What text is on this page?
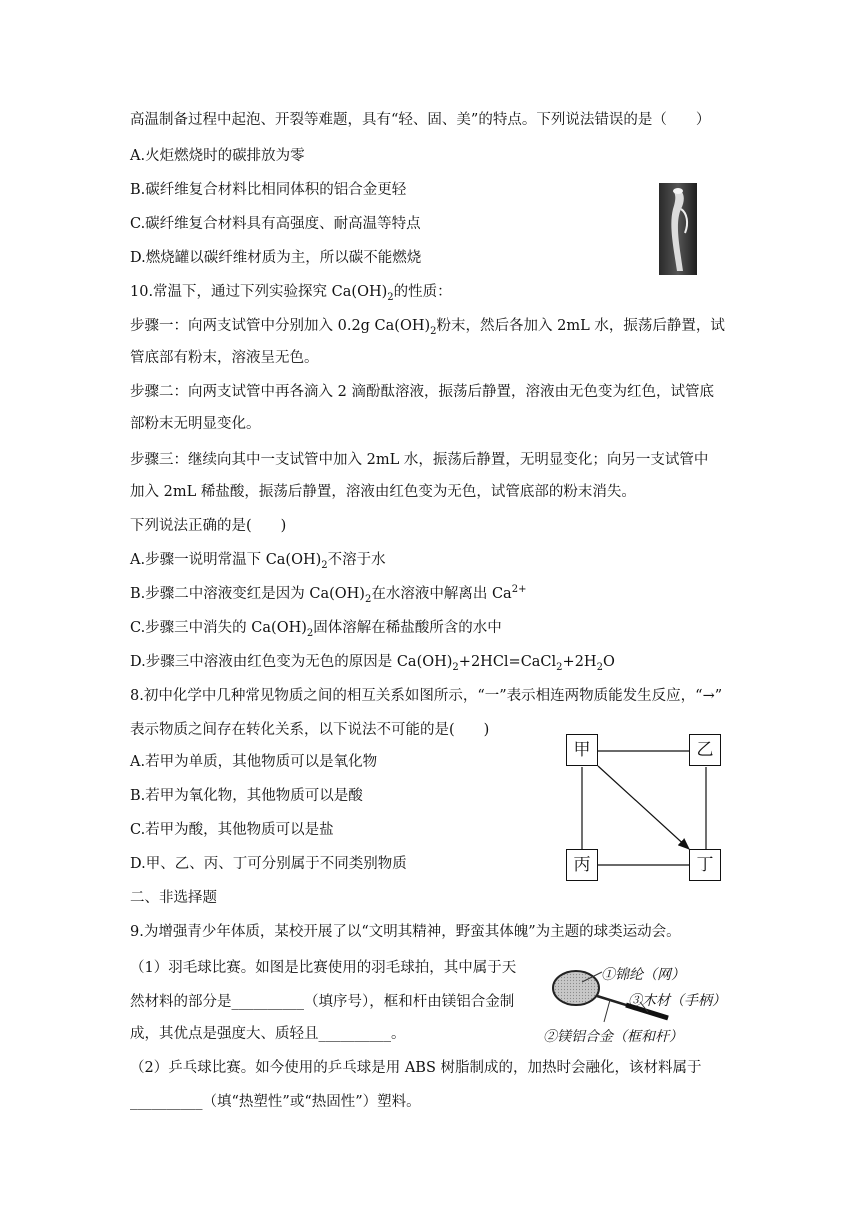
高温制备过程中起泡、开裂等难题，具有“轻、固、美”的特点。下列说法错误的是（　　）
A.火炬燃烧时的碳排放为零
B.碳纤维复合材料比相同体积的铝合金更轻
C.碳纤维复合材料具有高强度、耐高温等特点
D.燃烧罐以碳纤维材质为主，所以碳不能燃烧
10.常温下，通过下列实验探究 $Ca(OH)_2$的性质：
步骤一：向两支试管中分别加入 0.2g $Ca(OH)_2$粉末，然后各加入 2mL 水，振荡后静置，试
管底部有粉末，溶液呈无色。
步骤二：向两支试管中再各滴入 2 滴酚酞溶液，振荡后静置，溶液由无色变为红色，试管底
部粉末无明显变化。
步骤三：继续向其中一支试管中加入 2mL 水，振荡后静置，无明显变化；向另一支试管中
加入 2mL 稀盐酸，振荡后静置，溶液由红色变为无色，试管底部的粉末消失。
下列说法正确的是(　　)
A.步骤一说明常温下 $Ca(OH)_2$不溶于水
B.步骤二中溶液变红是因为 $Ca(OH)_2$在水溶液中解离出 $Ca^{2+}$
C.步骤三中消失的 $Ca(OH)_2$固体溶解在稀盐酸所含的水中
D.步骤三中溶液由红色变为无色的原因是 $Ca(OH)_2+2HCl=CaCl_2+2H_2O$
8.初中化学中几种常见物质之间的相互关系如图所示，“一”表示相连两物质能发生反应，“→”
表示物质之间存在转化关系，以下说法不可能的是(　　)
A.若甲为单质，其他物质可以是氧化物
B.若甲为氧化物，其他物质可以是酸
C.若甲为酸，其他物质可以是盐
D.甲、乙、丙、丁可分别属于不同类别物质
甲	乙
丙	丁
二、非选择题
9.为增强青少年体质，某校开展了以“文明其精神，野蛮其体魄”为主题的球类运动会。
（1）羽毛球比赛。如图是比赛使用的羽毛球拍，其中属于天
然材料的部分是__________（填序号），框和杆由镁铝合金制
成，其优点是强度大、质轻且__________。
①锦纶（网）
③木材（手柄）
②镁铝合金（框和杆）
（2）乒乓球比赛。如今使用的乒乓球是用 ABS 树脂制成的，加热时会融化，该材料属于
__________（填“热塑性”或“热固性”）塑料。
